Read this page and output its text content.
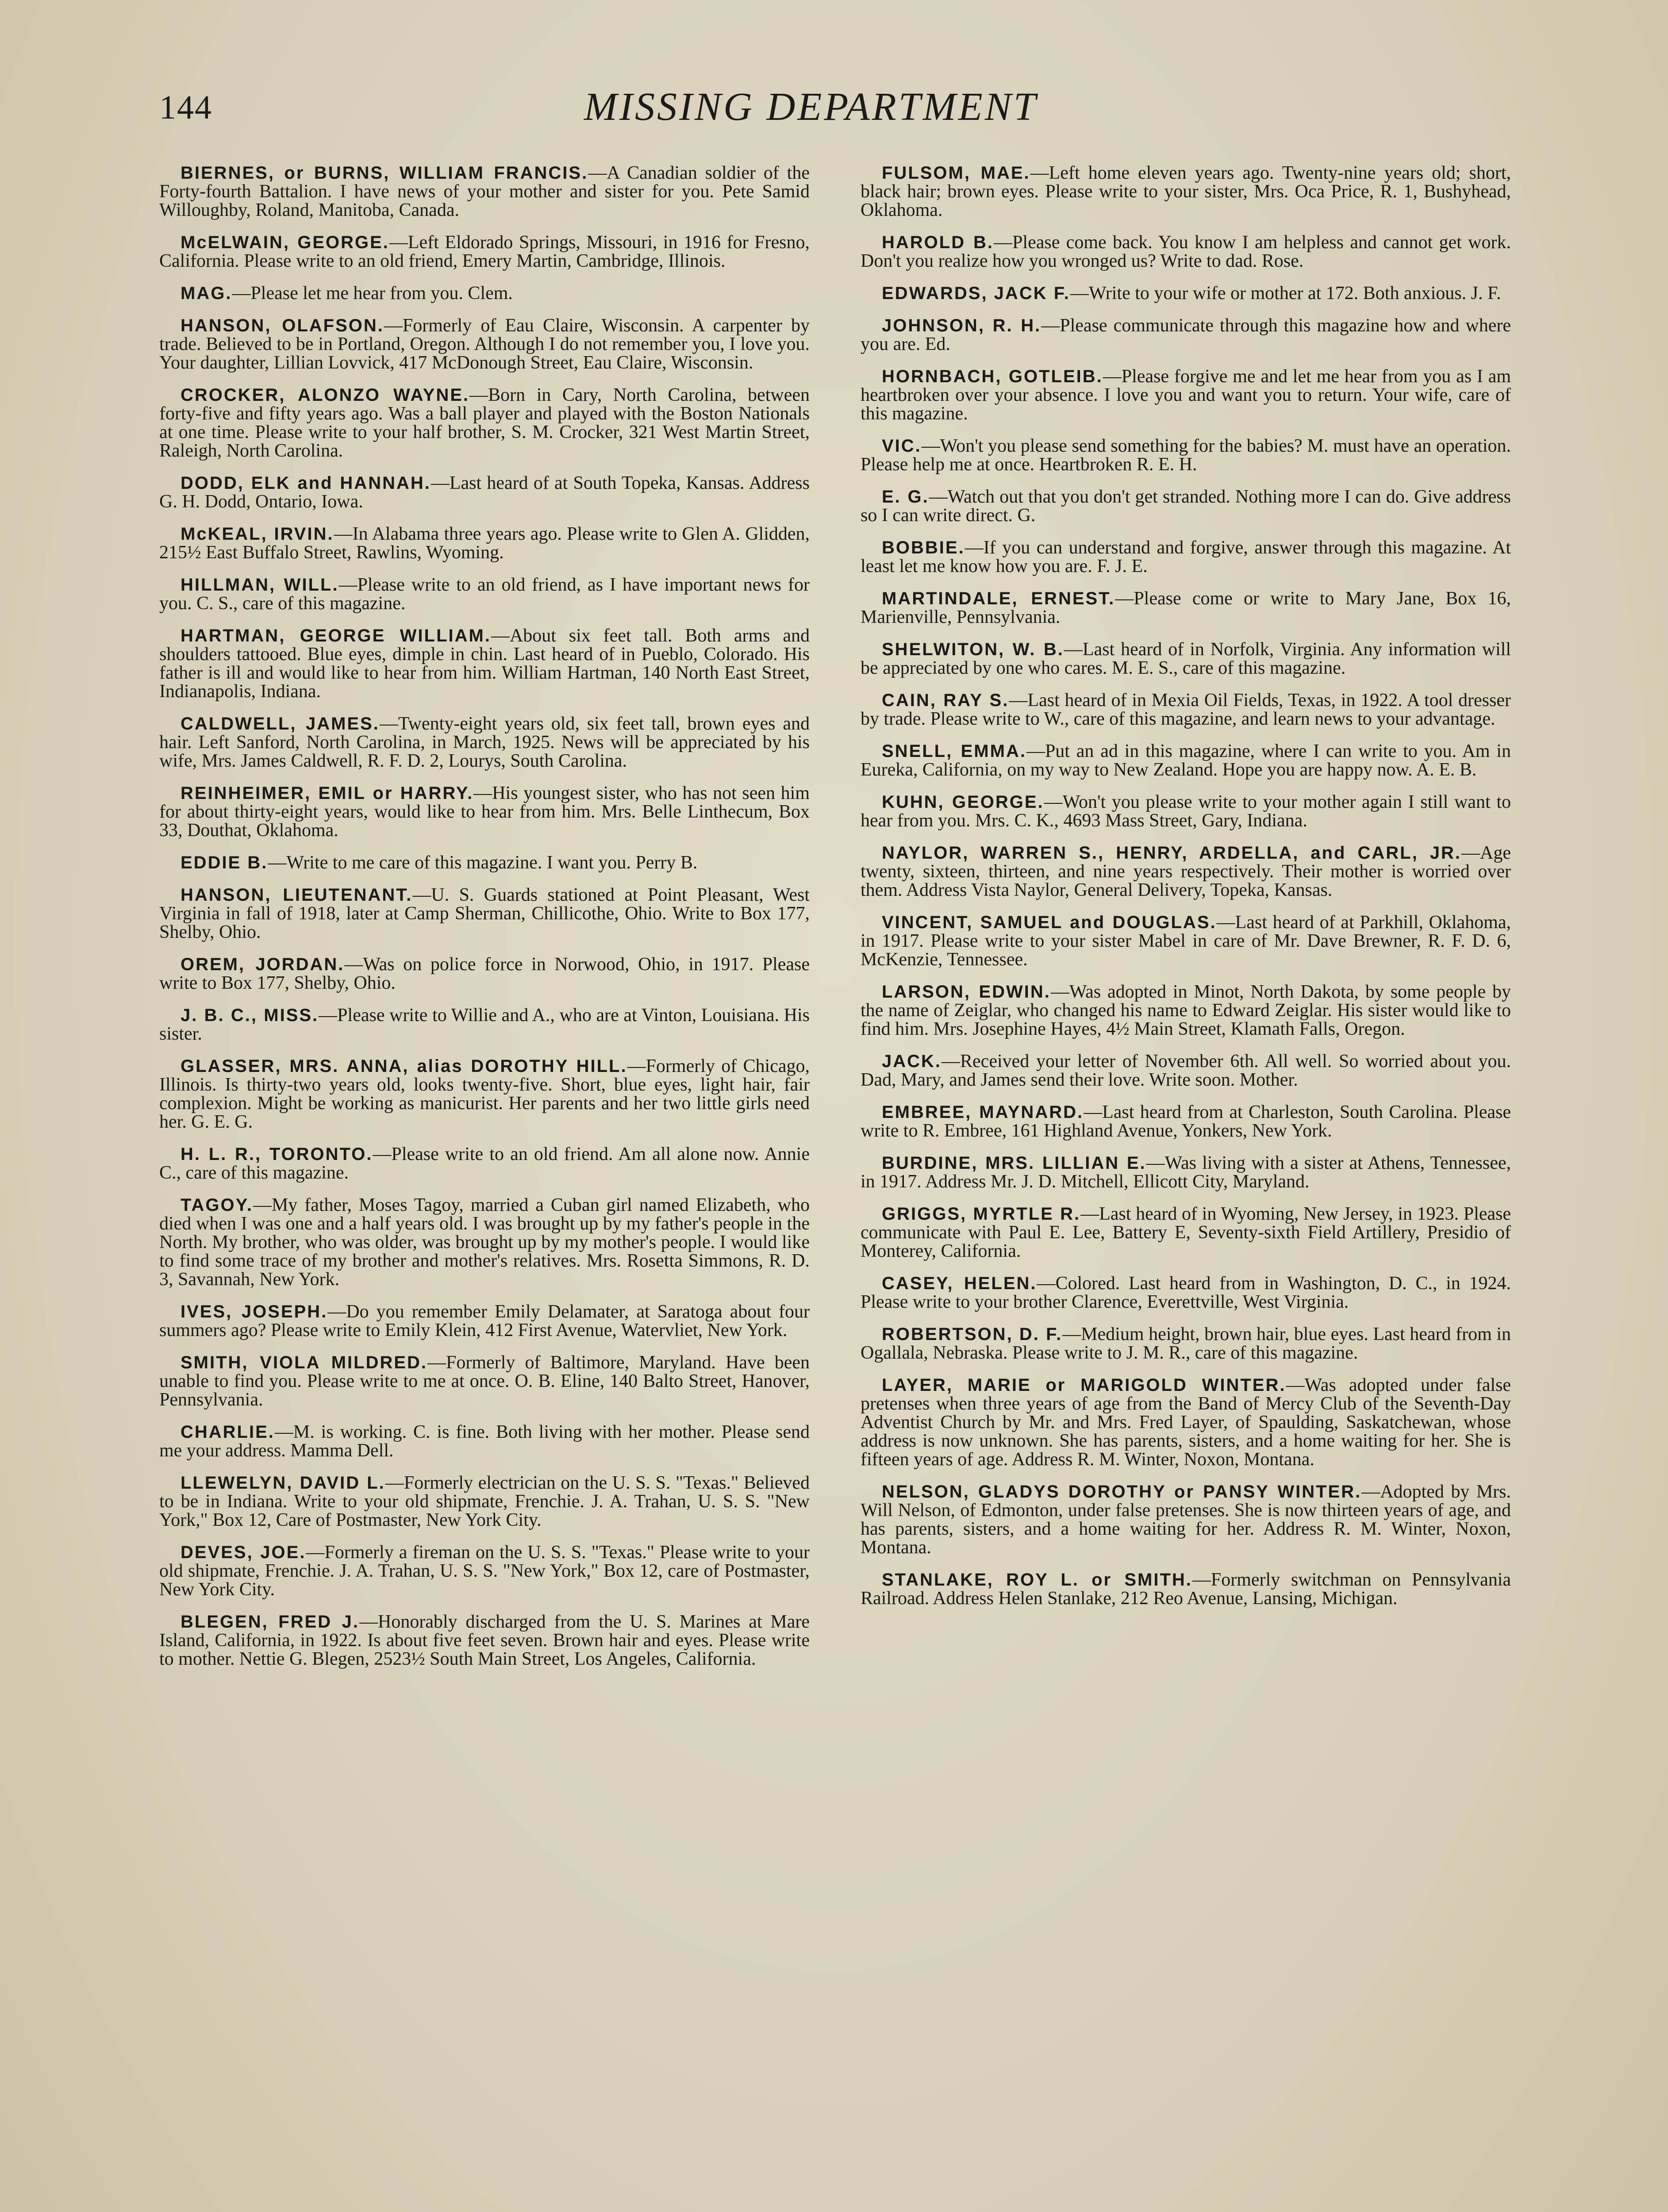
144	MISSING DEPARTMENT

BIERNES, or BURNS, WILLIAM FRANCIS.—A Canadian soldier of the Forty-fourth Battalion. I have news of your mother and sister for you. Pete Samid Willoughby, Roland, Manitoba, Canada.

McELWAIN, GEORGE.—Left Eldorado Springs, Missouri, in 1916 for Fresno, California. Please write to an old friend, Emery Martin, Cambridge, Illinois.

MAG.—Please let me hear from you. Clem.

HANSON, OLAFSON.—Formerly of Eau Claire, Wisconsin. A carpenter by trade. Believed to be in Portland, Oregon. Although I do not remember you, I love you. Your daughter, Lillian Lovvick, 417 McDonough Street, Eau Claire, Wisconsin.

CROCKER, ALONZO WAYNE.—Born in Cary, North Carolina, between forty-five and fifty years ago. Was a ball player and played with the Boston Nationals at one time. Please write to your half brother, S. M. Crocker, 321 West Martin Street, Raleigh, North Carolina.

DODD, ELK and HANNAH.—Last heard of at South Topeka, Kansas. Address G. H. Dodd, Ontario, Iowa.

McKEAL, IRVIN.—In Alabama three years ago. Please write to Glen A. Glidden, 215½ East Buffalo Street, Rawlins, Wyoming.

HILLMAN, WILL.—Please write to an old friend, as I have important news for you. C. S., care of this magazine.

HARTMAN, GEORGE WILLIAM.—About six feet tall. Both arms and shoulders tattooed. Blue eyes, dimple in chin. Last heard of in Pueblo, Colorado. His father is ill and would like to hear from him. William Hartman, 140 North East Street, Indianapolis, Indiana.

CALDWELL, JAMES.—Twenty-eight years old, six feet tall, brown eyes and hair. Left Sanford, North Carolina, in March, 1925. News will be appreciated by his wife, Mrs. James Caldwell, R. F. D. 2, Lourys, South Carolina.

REINHEIMER, EMIL or HARRY.—His youngest sister, who has not seen him for about thirty-eight years, would like to hear from him. Mrs. Belle Linthecum, Box 33, Douthat, Oklahoma.

EDDIE B.—Write to me care of this magazine. I want you. Perry B.

HANSON, LIEUTENANT.—U. S. Guards stationed at Point Pleasant, West Virginia in fall of 1918, later at Camp Sherman, Chillicothe, Ohio. Write to Box 177, Shelby, Ohio.

OREM, JORDAN.—Was on police force in Norwood, Ohio, in 1917. Please write to Box 177, Shelby, Ohio.

J. B. C., MISS.—Please write to Willie and A., who are at Vinton, Louisiana. His sister.

GLASSER, MRS. ANNA, alias DOROTHY HILL.—Formerly of Chicago, Illinois. Is thirty-two years old, looks twenty-five. Short, blue eyes, light hair, fair complexion. Might be working as manicurist. Her parents and her two little girls need her. G. E. G.

H. L. R., TORONTO.—Please write to an old friend. Am all alone now. Annie C., care of this magazine.

TAGOY.—My father, Moses Tagoy, married a Cuban girl named Elizabeth, who died when I was one and a half years old. I was brought up by my father's people in the North. My brother, who was older, was brought up by my mother's people. I would like to find some trace of my brother and mother's relatives. Mrs. Rosetta Simmons, R. D. 3, Savannah, New York.

IVES, JOSEPH.—Do you remember Emily Delamater, at Saratoga about four summers ago? Please write to Emily Klein, 412 First Avenue, Watervliet, New York.

SMITH, VIOLA MILDRED.—Formerly of Baltimore, Maryland. Have been unable to find you. Please write to me at once. O. B. Eline, 140 Balto Street, Hanover, Pennsylvania.

CHARLIE.—M. is working. C. is fine. Both living with her mother. Please send me your address. Mamma Dell.

LLEWELYN, DAVID L.—Formerly electrician on the U. S. S. "Texas." Believed to be in Indiana. Write to your old shipmate, Frenchie. J. A. Trahan, U. S. S. "New York," Box 12, Care of Postmaster, New York City.

DEVES, JOE.—Formerly a fireman on the U. S. S. "Texas." Please write to your old shipmate, Frenchie. J. A. Trahan, U. S. S. "New York," Box 12, care of Postmaster, New York City.

BLEGEN, FRED J.—Honorably discharged from the U. S. Marines at Mare Island, California, in 1922. Is about five feet seven. Brown hair and eyes. Please write to mother. Nettie G. Blegen, 2523½ South Main Street, Los Angeles, California.

FULSOM, MAE.—Left home eleven years ago. Twenty-nine years old; short, black hair; brown eyes. Please write to your sister, Mrs. Oca Price, R. 1, Bushyhead, Oklahoma.

HAROLD B.—Please come back. You know I am helpless and cannot get work. Don't you realize how you wronged us? Write to dad. Rose.

EDWARDS, JACK F.—Write to your wife or mother at 172. Both anxious. J. F.

JOHNSON, R. H.—Please communicate through this magazine how and where you are. Ed.

HORNBACH, GOTLEIB.—Please forgive me and let me hear from you as I am heartbroken over your absence. I love you and want you to return. Your wife, care of this magazine.

VIC.—Won't you please send something for the babies? M. must have an operation. Please help me at once. Heartbroken R. E. H.

E. G.—Watch out that you don't get stranded. Nothing more I can do. Give address so I can write direct. G.

BOBBIE.—If you can understand and forgive, answer through this magazine. At least let me know how you are. F. J. E.

MARTINDALE, ERNEST.—Please come or write to Mary Jane, Box 16, Marienville, Pennsylvania.

SHELWITON, W. B.—Last heard of in Norfolk, Virginia. Any information will be appreciated by one who cares. M. E. S., care of this magazine.

CAIN, RAY S.—Last heard of in Mexia Oil Fields, Texas, in 1922. A tool dresser by trade. Please write to W., care of this magazine, and learn news to your advantage.

SNELL, EMMA.—Put an ad in this magazine, where I can write to you. Am in Eureka, California, on my way to New Zealand. Hope you are happy now. A. E. B.

KUHN, GEORGE.—Won't you please write to your mother again I still want to hear from you. Mrs. C. K., 4693 Mass Street, Gary, Indiana.

NAYLOR, WARREN S., HENRY, ARDELLA, and CARL, JR.—Age twenty, sixteen, thirteen, and nine years respectively. Their mother is worried over them. Address Vista Naylor, General Delivery, Topeka, Kansas.

VINCENT, SAMUEL and DOUGLAS.—Last heard of at Parkhill, Oklahoma, in 1917. Please write to your sister Mabel in care of Mr. Dave Brewner, R. F. D. 6, McKenzie, Tennessee.

LARSON, EDWIN.—Was adopted in Minot, North Dakota, by some people by the name of Zeiglar, who changed his name to Edward Zeiglar. His sister would like to find him. Mrs. Josephine Hayes, 4½ Main Street, Klamath Falls, Oregon.

JACK.—Received your letter of November 6th. All well. So worried about you. Dad, Mary, and James send their love. Write soon. Mother.

EMBREE, MAYNARD.—Last heard from at Charleston, South Carolina. Please write to R. Embree, 161 Highland Avenue, Yonkers, New York.

BURDINE, MRS. LILLIAN E.—Was living with a sister at Athens, Tennessee, in 1917. Address Mr. J. D. Mitchell, Ellicott City, Maryland.

GRIGGS, MYRTLE R.—Last heard of in Wyoming, New Jersey, in 1923. Please communicate with Paul E. Lee, Battery E, Seventy-sixth Field Artillery, Presidio of Monterey, California.

CASEY, HELEN.—Colored. Last heard from in Washington, D. C., in 1924. Please write to your brother Clarence, Everettville, West Virginia.

ROBERTSON, D. F.—Medium height, brown hair, blue eyes. Last heard from in Ogallala, Nebraska. Please write to J. M. R., care of this magazine.

LAYER, MARIE or MARIGOLD WINTER.—Was adopted under false pretenses when three years of age from the Band of Mercy Club of the Seventh-Day Adventist Church by Mr. and Mrs. Fred Layer, of Spaulding, Saskatchewan, whose address is now unknown. She has parents, sisters, and a home waiting for her. She is fifteen years of age. Address R. M. Winter, Noxon, Montana.

NELSON, GLADYS DOROTHY or PANSY WINTER.—Adopted by Mrs. Will Nelson, of Edmonton, under false pretenses. She is now thirteen years of age, and has parents, sisters, and a home waiting for her. Address R. M. Winter, Noxon, Montana.

STANLAKE, ROY L. or SMITH.—Formerly switchman on Pennsylvania Railroad. Address Helen Stanlake, 212 Reo Avenue, Lansing, Michigan.
